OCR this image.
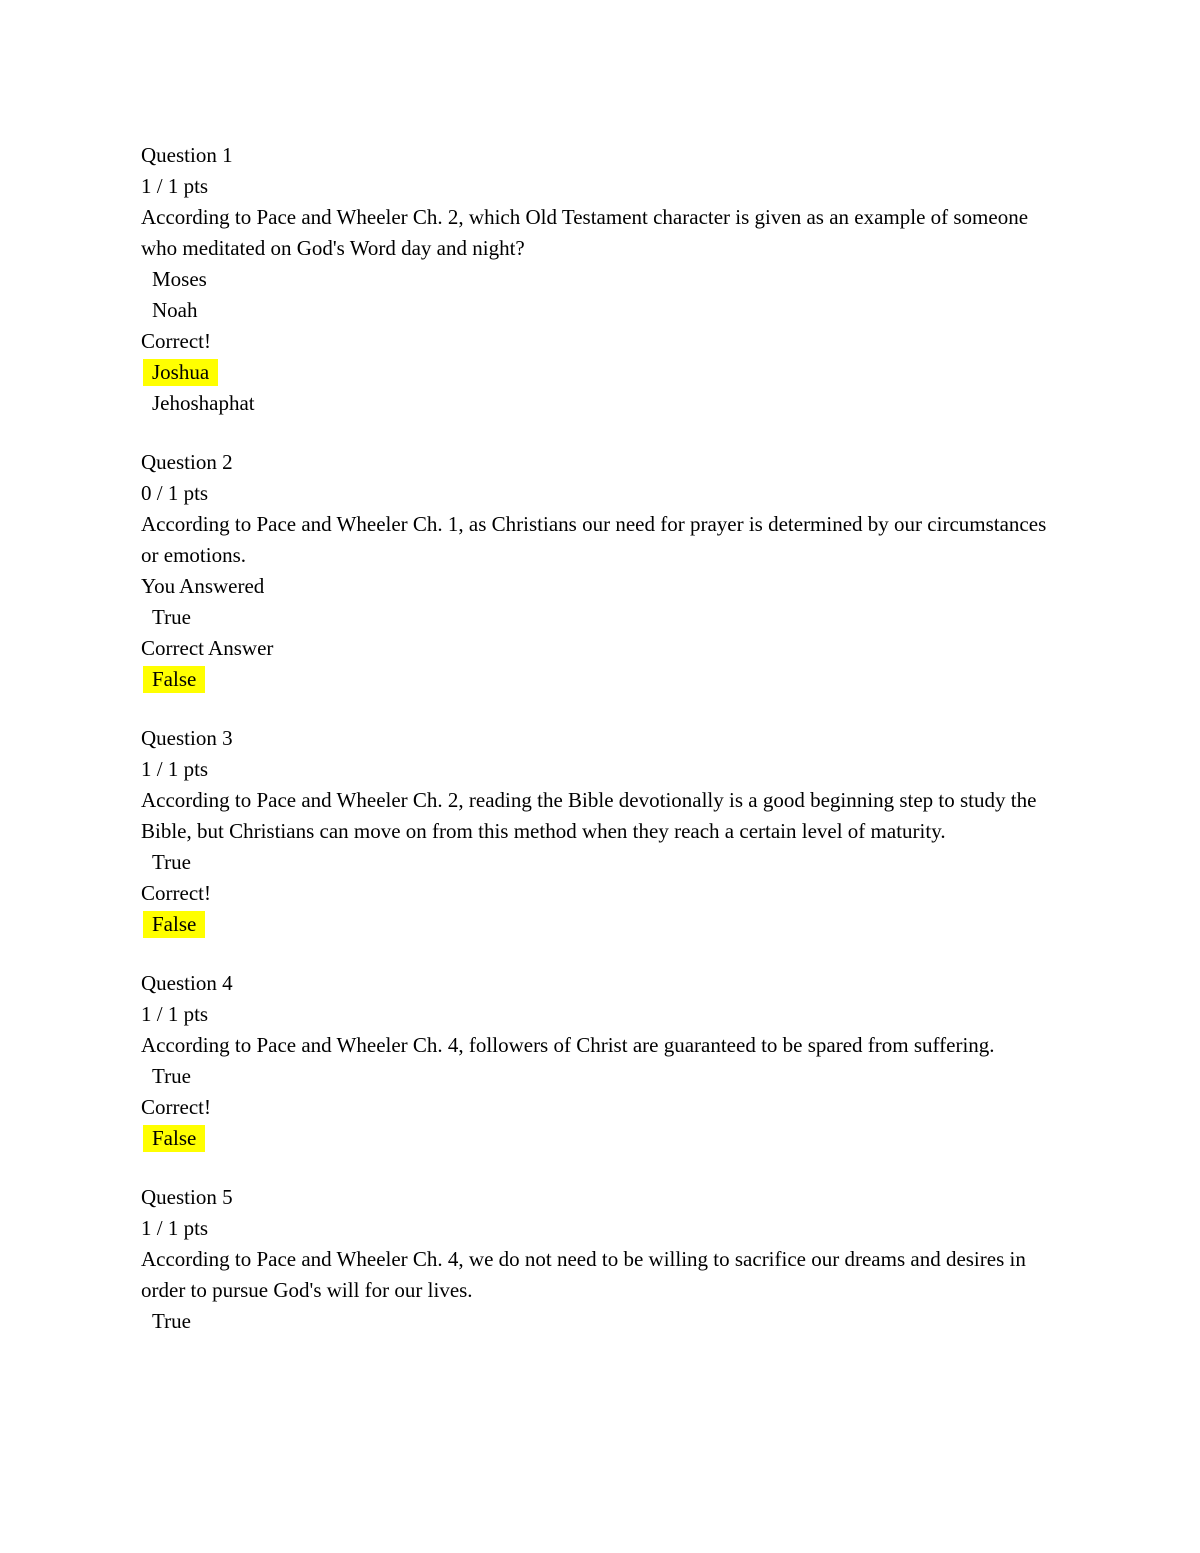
Question 1
1 / 1 pts
According to Pace and Wheeler Ch. 2, which Old Testament character is given as an example of someone who meditated on God's Word day and night?
Moses
Noah
Correct!
Joshua
Jehoshaphat
Question 2
0 / 1 pts
According to Pace and Wheeler Ch. 1, as Christians our need for prayer is determined by our circumstances or emotions.
You Answered
True
Correct Answer
False
Question 3
1 / 1 pts
According to Pace and Wheeler Ch. 2, reading the Bible devotionally is a good beginning step to study the Bible, but Christians can move on from this method when they reach a certain level of maturity.
True
Correct!
False
Question 4
1 / 1 pts
According to Pace and Wheeler Ch. 4, followers of Christ are guaranteed to be spared from suffering.
True
Correct!
False
Question 5
1 / 1 pts
According to Pace and Wheeler Ch. 4, we do not need to be willing to sacrifice our dreams and desires in order to pursue God's will for our lives.
True
